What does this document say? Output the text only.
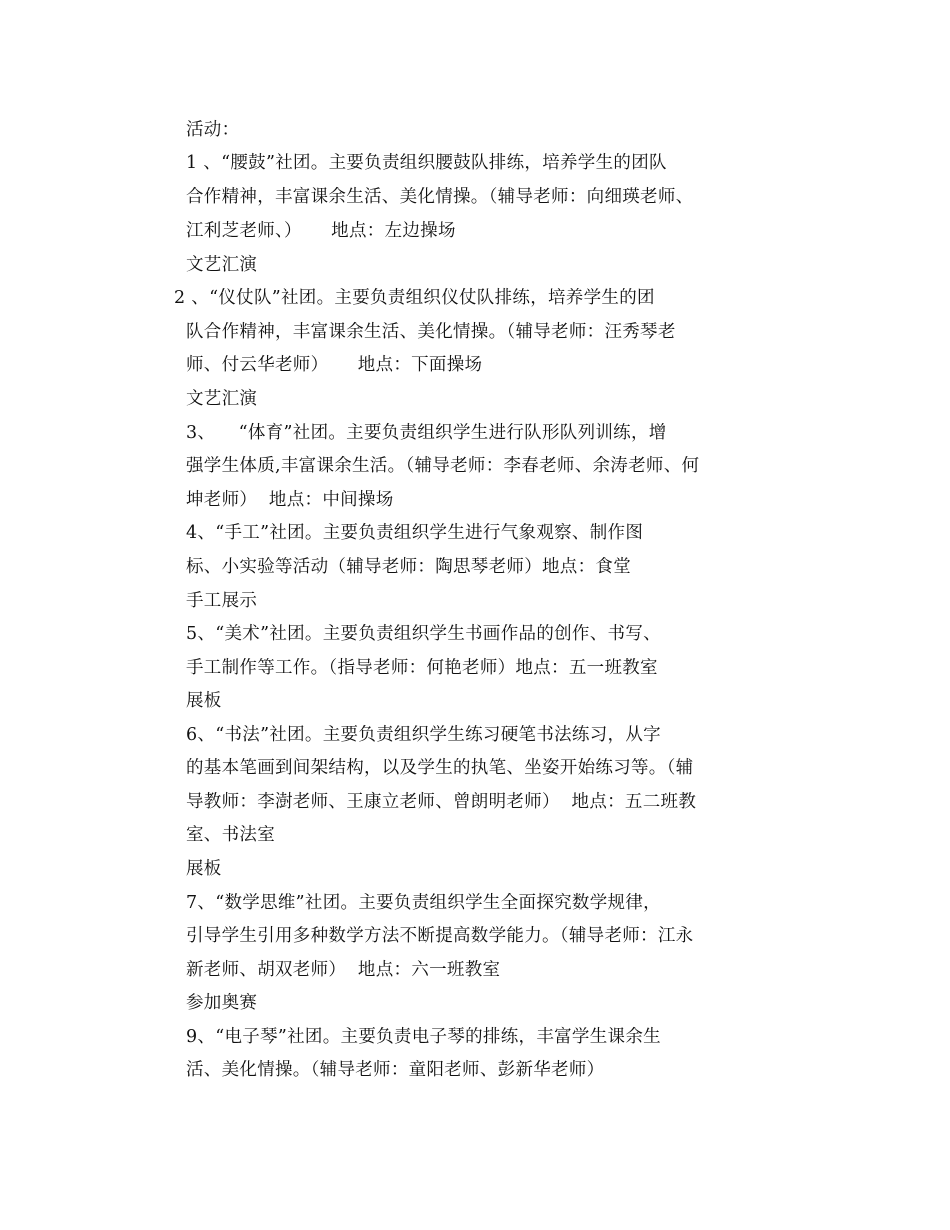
活动：
1 、“腰鼓”社团。主要负责组织腰鼓队排练，培养学生的团队
合作精神，丰富课余生活、美化情操。（辅导老师：向细瑛老师、
江利芝老师、）     地点：左边操场
文艺汇演
2 、“仪仗队”社团。主要负责组织仪仗队排练，培养学生的团
队合作精神，丰富课余生活、美化情操。（辅导老师：汪秀琴老
师、付云华老师）     地点：下面操场
文艺汇演
3、    “体育”社团。主要负责组织学生进行队形队列训练，增
强学生体质,丰富课余生活。（辅导老师：李春老师、余涛老师、何
坤老师）  地点：中间操场
4、“手工”社团。主要负责组织学生进行气象观察、制作图
标、小实验等活动（辅导老师：陶思琴老师）地点：食堂
手工展示
5、“美术”社团。主要负责组织学生书画作品的创作、书写、
手工制作等工作。（指导老师：何艳老师）地点：五一班教室
展板
6、“书法”社团。主要负责组织学生练习硬笔书法练习，从字
的基本笔画到间架结构，以及学生的执笔、坐姿开始练习等。（辅
导教师：李澍老师、王康立老师、曾朗明老师）  地点：五二班教
室、书法室
展板
7、“数学思维”社团。主要负责组织学生全面探究数学规律，
引导学生引用多种数学方法不断提高数学能力。（辅导老师：江永
新老师、胡双老师）  地点：六一班教室
参加奥赛
9、“电子琴”社团。主要负责电子琴的排练，丰富学生课余生
活、美化情操。（辅导老师：童阳老师、彭新华老师）
